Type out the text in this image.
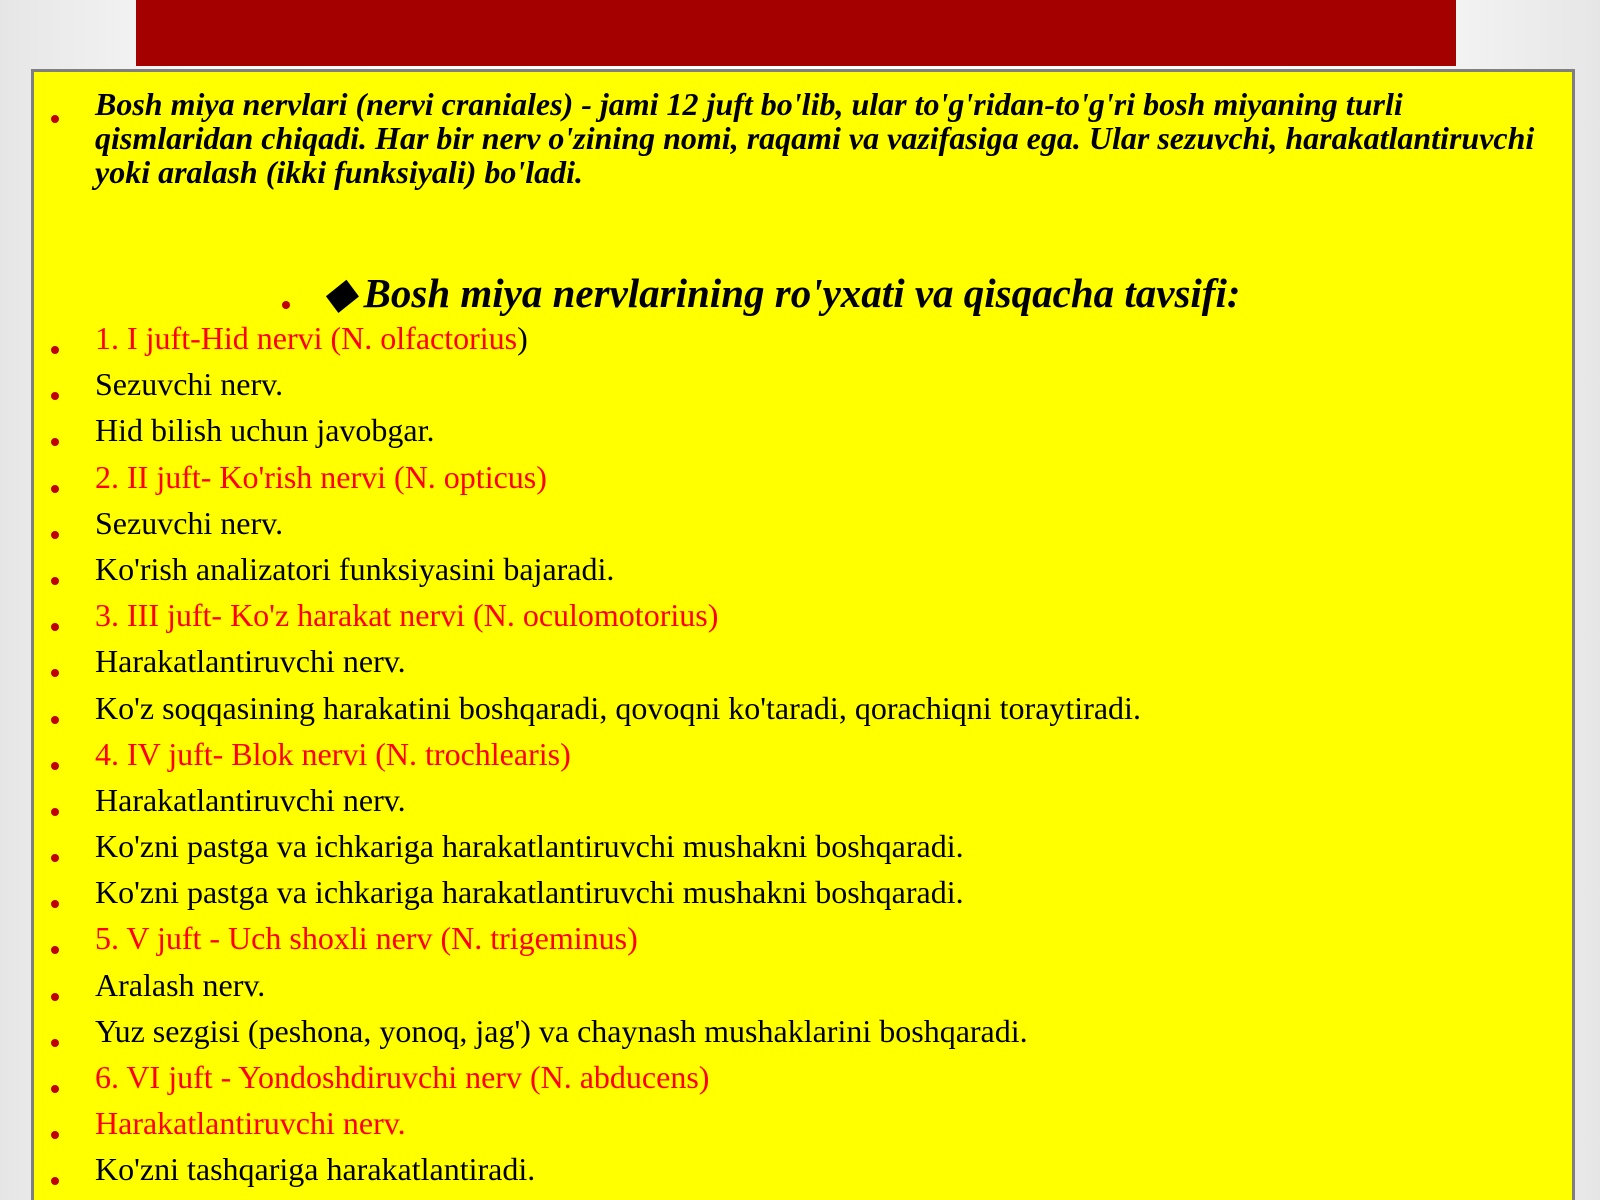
Bosh miya nervlari (nervi craniales) - jami 12 juft bo'lib, ular to'g'ridan-to'g'ri bosh miyaning turli qismlaridan chiqadi. Har bir nerv o'zining nomi, raqami va vazifasiga ega. Ular sezuvchi, harakatlantiruvchi yoki aralash (ikki funksiyali) bo'ladi.

◆ Bosh miya nervlarining ro'yxati va qisqacha tavsifi:
1. I juft-Hid nervi (N. olfactorius)
Sezuvchi nerv.
Hid bilish uchun javobgar.
2. II juft- Ko'rish nervi (N. opticus)
Sezuvchi nerv.
Ko'rish analizatori funksiyasini bajaradi.
3. III juft- Ko'z harakat nervi (N. oculomotorius)
Harakatlantiruvchi nerv.
Ko'z soqqasining harakatini boshqaradi, qovoqni ko'taradi, qorachiqni toraytiradi.
4. IV juft- Blok nervi (N. trochlearis)
Harakatlantiruvchi nerv.
Ko'zni pastga va ichkariga harakatlantiruvchi mushakni boshqaradi.
Ko'zni pastga va ichkariga harakatlantiruvchi mushakni boshqaradi.
5. V juft - Uch shoxli nerv (N. trigeminus)
Aralash nerv.
Yuz sezgisi (peshona, yonoq, jag') va chaynash mushaklarini boshqaradi.
6. VI juft - Yondoshdiruvchi nerv (N. abducens)
Harakatlantiruvchi nerv.
Ko'zni tashqariga harakatlantiradi.
